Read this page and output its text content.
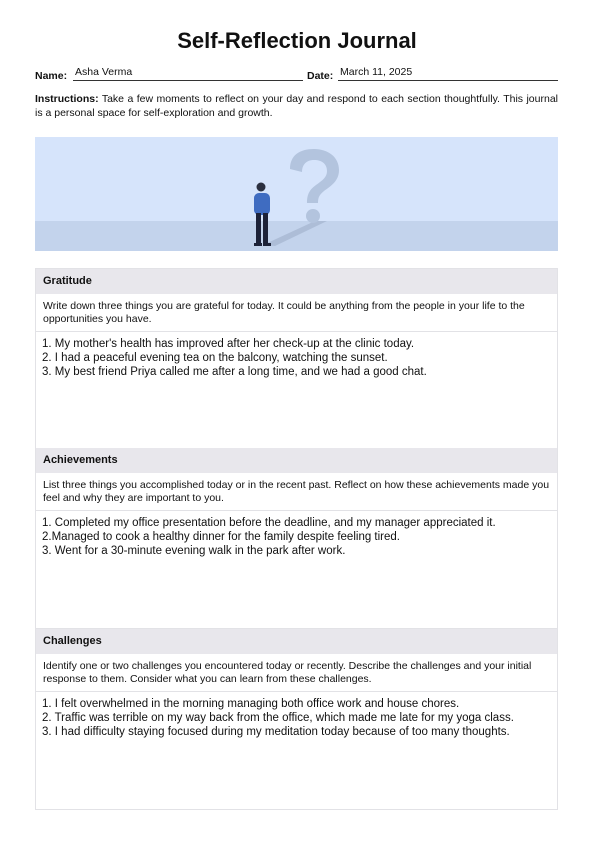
Self-Reflection Journal
Name: Asha Verma	Date: March 11, 2025
Instructions: Take a few moments to reflect on your day and respond to each section thoughtfully. This journal is a personal space for self-exploration and growth.
Gratitude
Write down three things you are grateful for today. It could be anything from the people in your life to the opportunities you have.
1. My mother's health has improved after her check-up at the clinic today.
2. I had a peaceful evening tea on the balcony, watching the sunset.
3. My best friend Priya called me after a long time, and we had a good chat.
Achievements
List three things you accomplished today or in the recent past. Reflect on how these achievements made you feel and why they are important to you.
1. Completed my office presentation before the deadline, and my manager appreciated it.
2.Managed to cook a healthy dinner for the family despite feeling tired.
3. Went for a 30-minute evening walk in the park after work.
Challenges
Identify one or two challenges you encountered today or recently. Describe the challenges and your initial response to them. Consider what you can learn from these challenges.
1. I felt overwhelmed in the morning managing both office work and house chores.
2. Traffic was terrible on my way back from the office, which made me late for my yoga class.
3. I had difficulty staying focused during my meditation today because of too many thoughts.
